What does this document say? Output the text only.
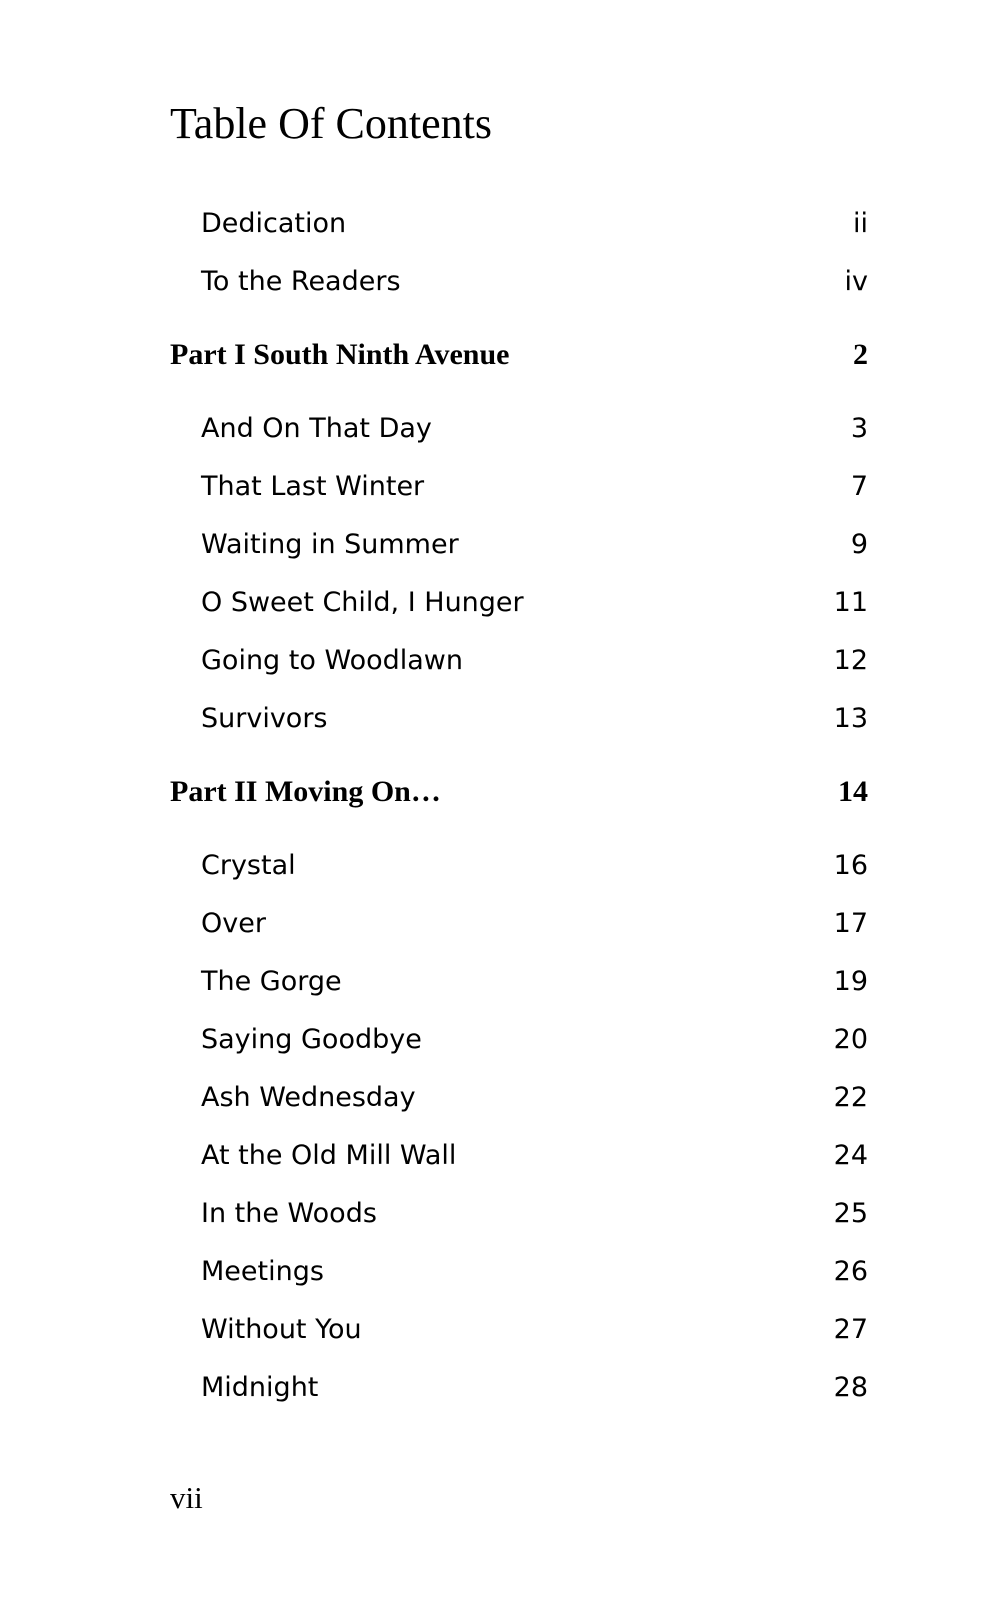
Table Of Contents
Dedication	ii
To the Readers	iv
Part I South Ninth Avenue	2
And On That Day	3
That Last Winter	7
Waiting in Summer	9
O Sweet Child, I Hunger	11
Going to Woodlawn	12
Survivors	13
Part II Moving On…	14
Crystal	16
Over	17
The Gorge	19
Saying Goodbye	20
Ash Wednesday	22
At the Old Mill Wall	24
In the Woods	25
Meetings	26
Without You	27
Midnight	28
vii
